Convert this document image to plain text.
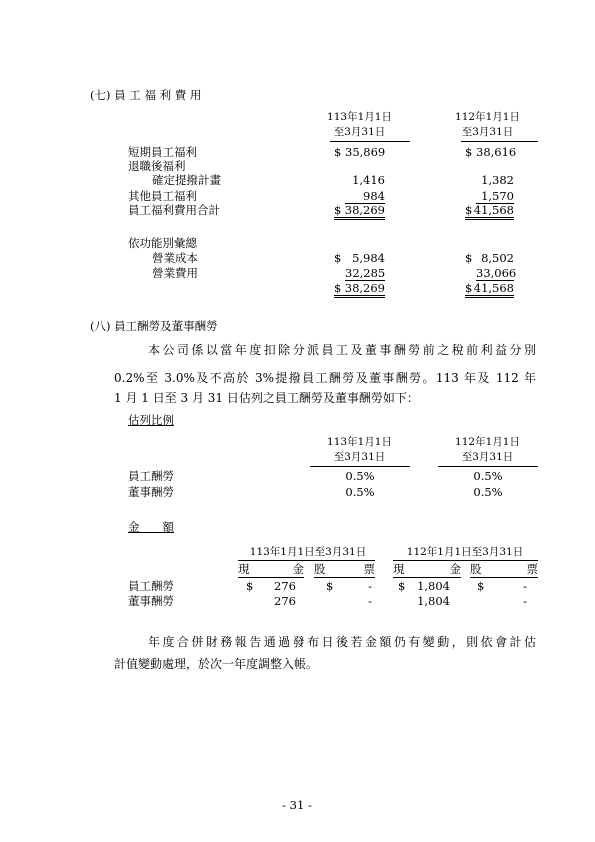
(七) 員 工 福 利 費 用
113年1月1日
至3月31日
112年1月1日
至3月31日
短期員工福利	$ 35,869	$ 38,616
退職後福利
確定提撥計畫	1,416	1,382
其他員工福利	984	1,570
員工福利費用合計	$ 38,269	$ 41,568
依功能別彙總
營業成本	$ 5,984	$ 8,502
營業費用	32,285	33,066
$ 38,269	$ 41,568
(八) 員工酬勞及董事酬勞
本公司係以當年度扣除分派員工及董事酬勞前之稅前利益分別
0.2%至 3.0%及不高於 3%提撥員工酬勞及董事酬勞。113 年及 112 年
1 月 1 日至 3 月 31 日估列之員工酬勞及董事酬勞如下：
估列比例
113年1月1日
至3月31日
112年1月1日
至3月31日
員工酬勞	0.5%	0.5%
董事酬勞	0.5%	0.5%
金　　額
113年1月1日至3月31日	112年1月1日至3月31日
現　　　金 股　　　票 現　　　金 股　　　票
員工酬勞	$	276	$	- $	1,804 $	-
董事酬勞	276	-	1,804	-
年度合併財務報告通過發布日後若金額仍有變動，則依會計估
計值變動處理，於次一年度調整入帳。
- 31 -
